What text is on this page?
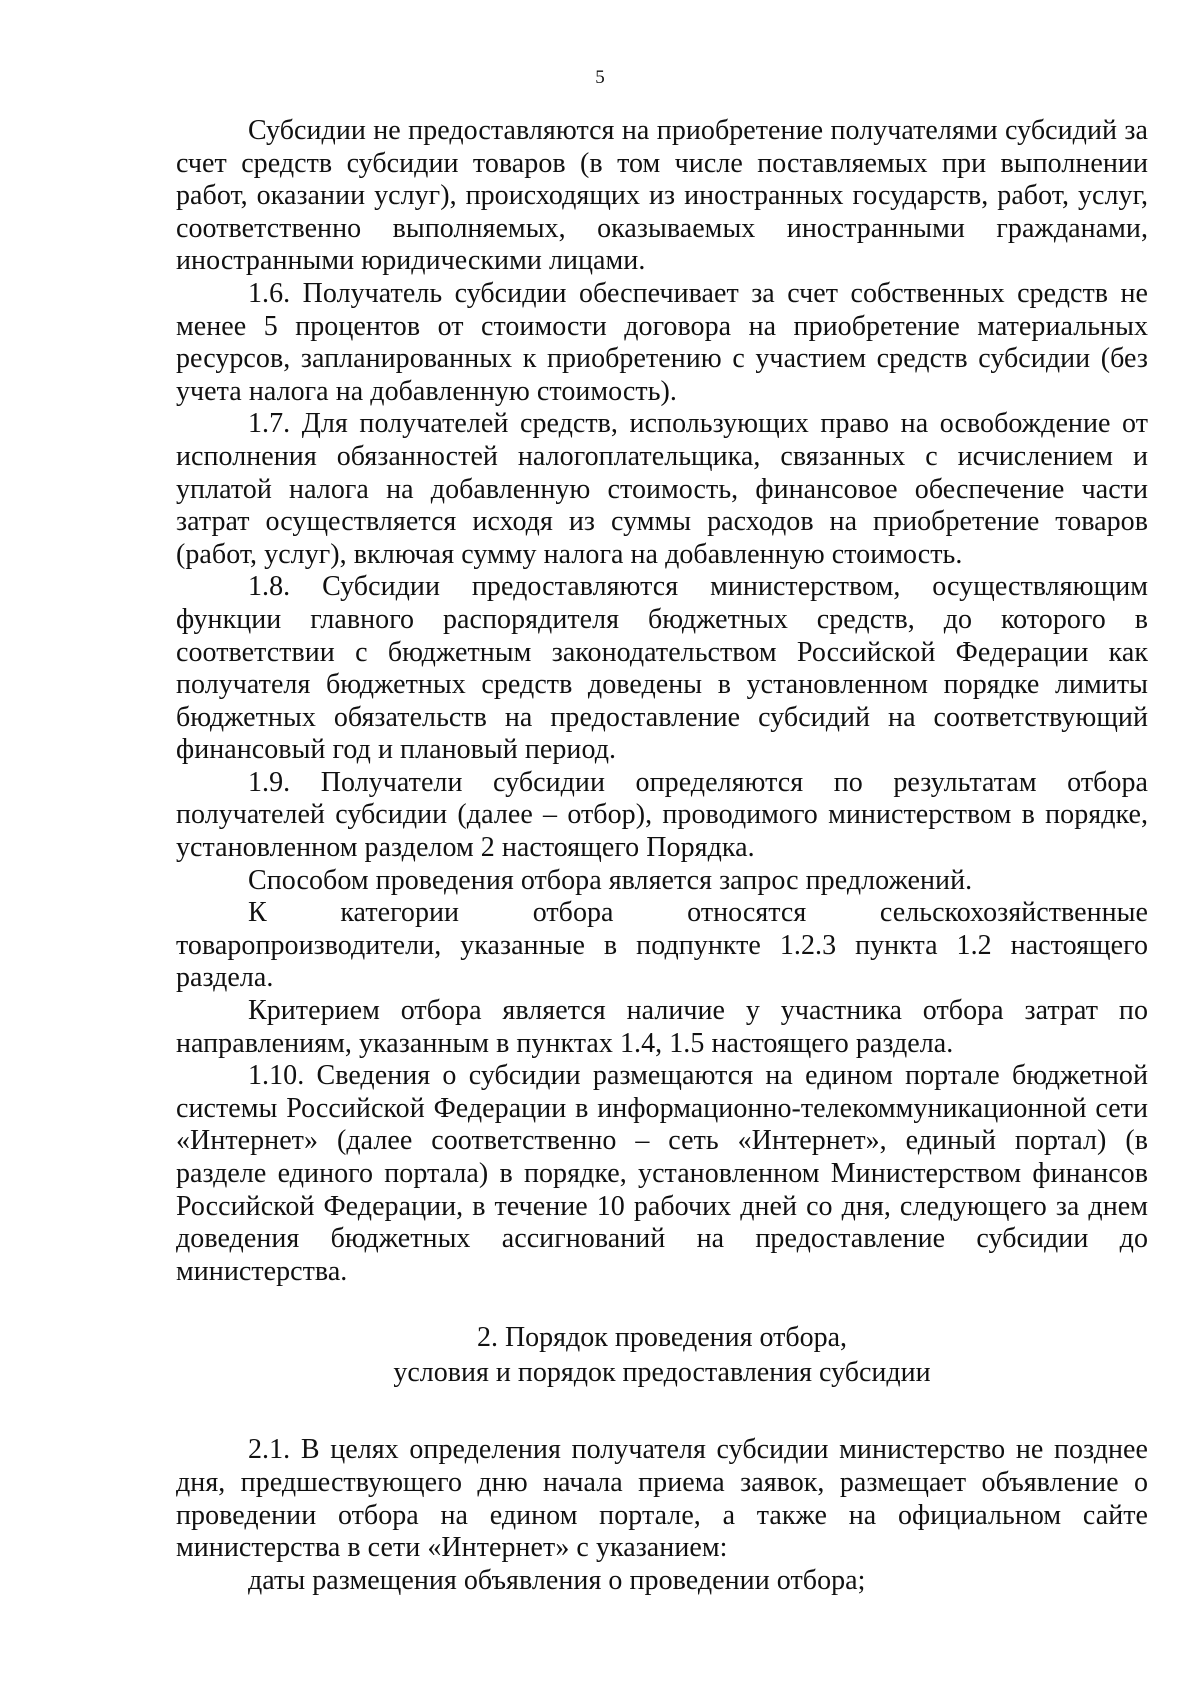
5

Субсидии не предоставляются на приобретение получателями субсидий за счет средств субсидии товаров (в том числе поставляемых при выполнении работ, оказании услуг), происходящих из иностранных государств, работ, услуг, соответственно выполняемых, оказываемых иностранными гражданами, иностранными юридическими лицами.

1.6. Получатель субсидии обеспечивает за счет собственных средств не менее 5 процентов от стоимости договора на приобретение материальных ресурсов, запланированных к приобретению с участием средств субсидии (без учета налога на добавленную стоимость).

1.7. Для получателей средств, использующих право на освобождение от исполнения обязанностей налогоплательщика, связанных с исчислением и уплатой налога на добавленную стоимость, финансовое обеспечение части затрат осуществляется исходя из суммы расходов на приобретение товаров (работ, услуг), включая сумму налога на добавленную стоимость.

1.8. Субсидии предоставляются министерством, осуществляющим функции главного распорядителя бюджетных средств, до которого в соответствии с бюджетным законодательством Российской Федерации как получателя бюджетных средств доведены в установленном порядке лимиты бюджетных обязательств на предоставление субсидий на соответствующий финансовый год и плановый период.

1.9. Получатели субсидии определяются по результатам отбора получателей субсидии (далее – отбор), проводимого министерством в порядке, установленном разделом 2 настоящего Порядка.

Способом проведения отбора является запрос предложений.

К категории отбора относятся сельскохозяйственные товаропроизводители, указанные в подпункте 1.2.3 пункта 1.2 настоящего раздела.

Критерием отбора является наличие у участника отбора затрат по направлениям, указанным в пунктах 1.4, 1.5 настоящего раздела.

1.10. Сведения о субсидии размещаются на едином портале бюджетной системы Российской Федерации в информационно-телекоммуникационной сети «Интернет» (далее соответственно – сеть «Интернет», единый портал) (в разделе единого портала) в порядке, установленном Министерством финансов Российской Федерации, в течение 10 рабочих дней со дня, следующего за днем доведения бюджетных ассигнований на предоставление субсидии до министерства.

2. Порядок проведения отбора,
условия и порядок предоставления субсидии

2.1. В целях определения получателя субсидии министерство не позднее дня, предшествующего дню начала приема заявок, размещает объявление о проведении отбора на едином портале, а также на официальном сайте министерства в сети «Интернет» с указанием:

даты размещения объявления о проведении отбора;
